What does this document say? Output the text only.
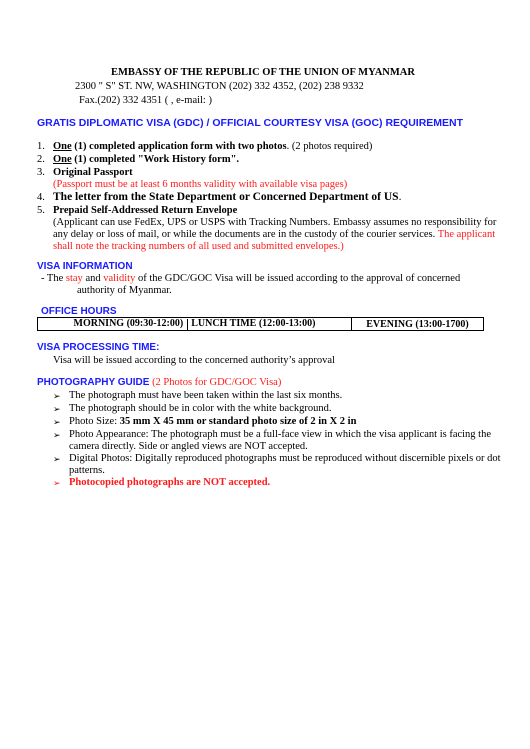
EMBASSY OF THE REPUBLIC OF THE UNION OF MYANMAR
2300 " S" ST. NW, WASHINGTON (202) 332 4352, (202) 238 9332
Fax.(202) 332 4351 ( , e-mail: )
GRATIS DIPLOMATIC VISA (GDC) / OFFICIAL COURTESY VISA (GOC) REQUIREMENT
1. One (1) completed application form with two photos. (2 photos required)
2. One (1) completed "Work History form".
3. Original Passport
(Passport must be at least 6 months validity with available visa pages)
4. The letter from the State Department or Concerned Department of US.
5. Prepaid Self-Addressed Return Envelope
(Applicant can use FedEx, UPS or USPS with Tracking Numbers. Embassy assumes no responsibility for
any delay or loss of mail, or while the documents are in the custody of the courier services. The applicant
shall note the tracking numbers of all used and submitted envelopes.)
VISA INFORMATION
- The stay and validity of the GDC/GOC Visa will be issued according to the approval of concerned
authority of Myanmar.
OFFICE HOURS
MORNING (09:30-12:00) LUNCH TIME (12:00-13:00)	EVENING (13:00-1700)
VISA PROCESSING TIME:
Visa will be issued according to the concerned authority’s approval
PHOTOGRAPHY GUIDE (2 Photos for GDC/GOC Visa)
➢ The photograph must have been taken within the last six months.
➢ The photograph should be in color with the white background.
➢ Photo Size: 35 mm X 45 mm or standard photo size of 2 in X 2 in
➢ Photo Appearance: The photograph must be a full-face view in which the visa applicant is facing the
camera directly. Side or angled views are NOT accepted.
➢ Digital Photos: Digitally reproduced photographs must be reproduced without discernible pixels or dot
patterns.
➢ Photocopied photographs are NOT accepted.
